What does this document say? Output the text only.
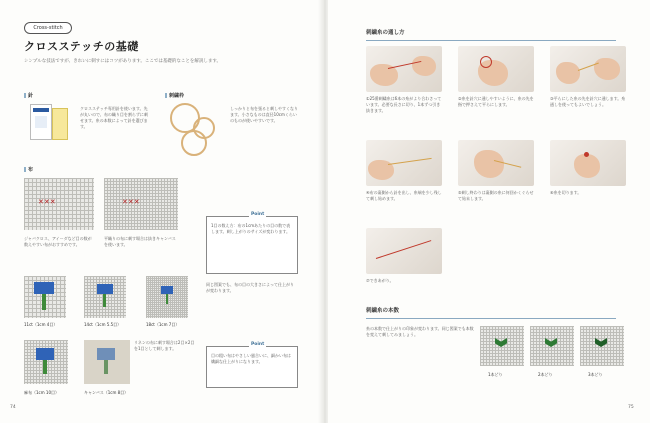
Cross-stitch
クロスステッチの基礎
シンプルな技法ですが、きれいに刺すにはコツがあります。ここでは基礎的なことを解説します。
針
クロスステッチ専用針を使います。先が丸いので、布の織り目を割らずに刺せます。糸の本数によって針を選びます。
刺繍枠
しっかりと布を張ると刺しやすくなります。小さなものは直径10cmくらいのものが使いやすいです。
布
✕✕✕	✕✕✕
ジャバクロス、アイーダなど目の数が数えやすい布がおすすめです。
平織りの布に刺す場合は抜きキャンバスを使います。
Point
1目の数え方：布の1cmあたりの目の数で表します。刺し上がりのサイズが変わります。
11ct（1cm 4目）	14ct（1cm 5.5目）	18ct（1cm 7目）
同じ図案でも、布の目の大きさによって仕上がりが変わります。
リネンの布に刺す場合は2目×2目を1目として刺します。
麻布（1cm 10目）	キャンバス（1cm 8目）
Point
目の粗い布はやさしい風合いに、細かい布は繊細な仕上がりになります。
74
刺繍糸の通し方
①25番刺繍糸は6本の糸がより合わさっています。必要な長さに切り、1本ずつ引き抜きます。
②糸を針穴に通しやすいように、糸の先を指で押さえて平らにします。
③平らにした糸の先を針穴に通します。糸通しを使ってもよいでしょう。
④布の裏側から針を出し、糸端を少し残して刺し始めます。
⑤刺し終わりは裏側の糸に何回かくぐらせて始末します。
⑥糸を切ります。
⑦できあがり。
刺繍糸の本数
糸の本数で仕上がりの印象が変わります。同じ図案でも本数を変えて刺してみましょう。
1本どり	2本どり	3本どり
75
